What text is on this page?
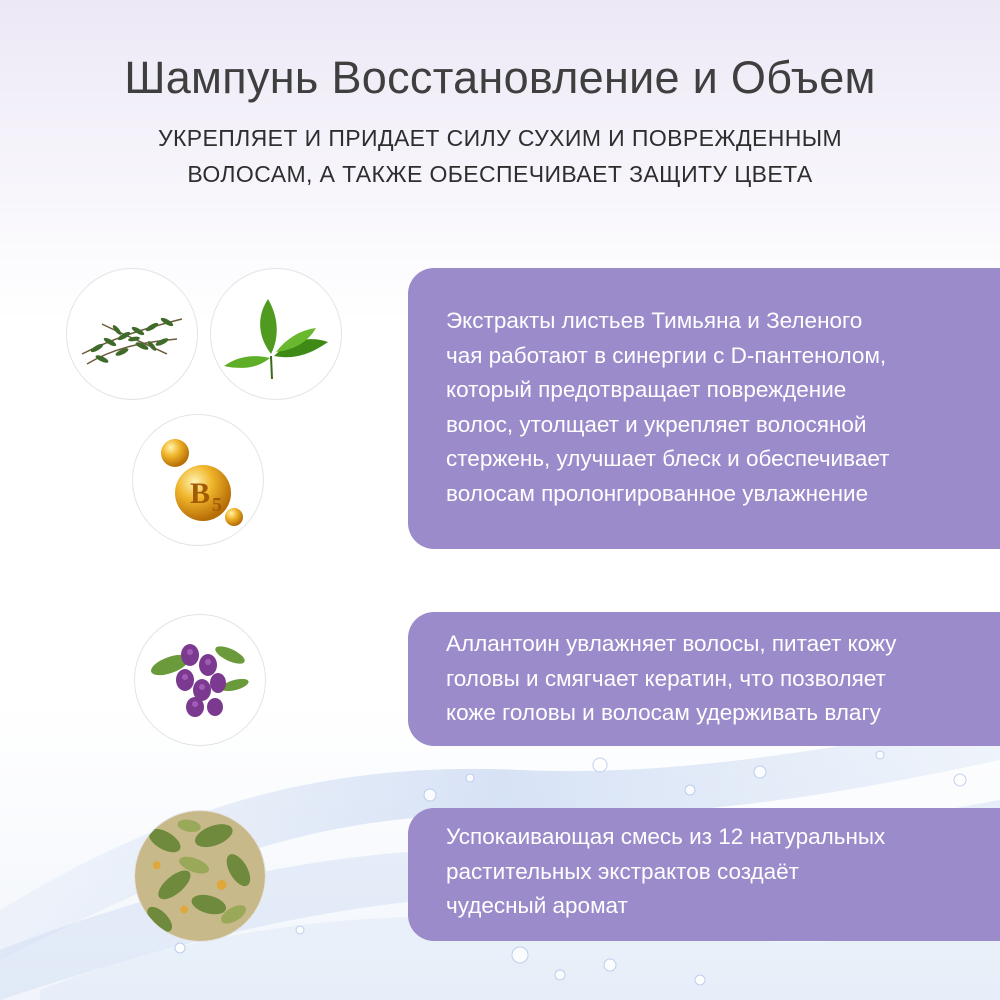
Шампунь Восстановление и Объем
УКРЕПЛЯЕТ И ПРИДАЕТ СИЛУ СУХИМ И ПОВРЕЖДЕННЫМ
ВОЛОСАМ, А ТАКЖЕ ОБЕСПЕЧИВАЕТ ЗАЩИТУ ЦВЕТА
B 5
Экстракты листьев Тимьяна и Зеленого
чая работают в синергии с D-пантенолом,
который предотвращает повреждение
волос, утолщает и укрепляет волосяной
стержень, улучшает блеск и обеспечивает
волосам пролонгированное увлажнение
Аллантоин увлажняет волосы, питает кожу
головы и смягчает кератин, что позволяет
коже головы и волосам удерживать влагу
Успокаивающая смесь из 12 натуральных
растительных экстрактов создаёт
чудесный аромат
